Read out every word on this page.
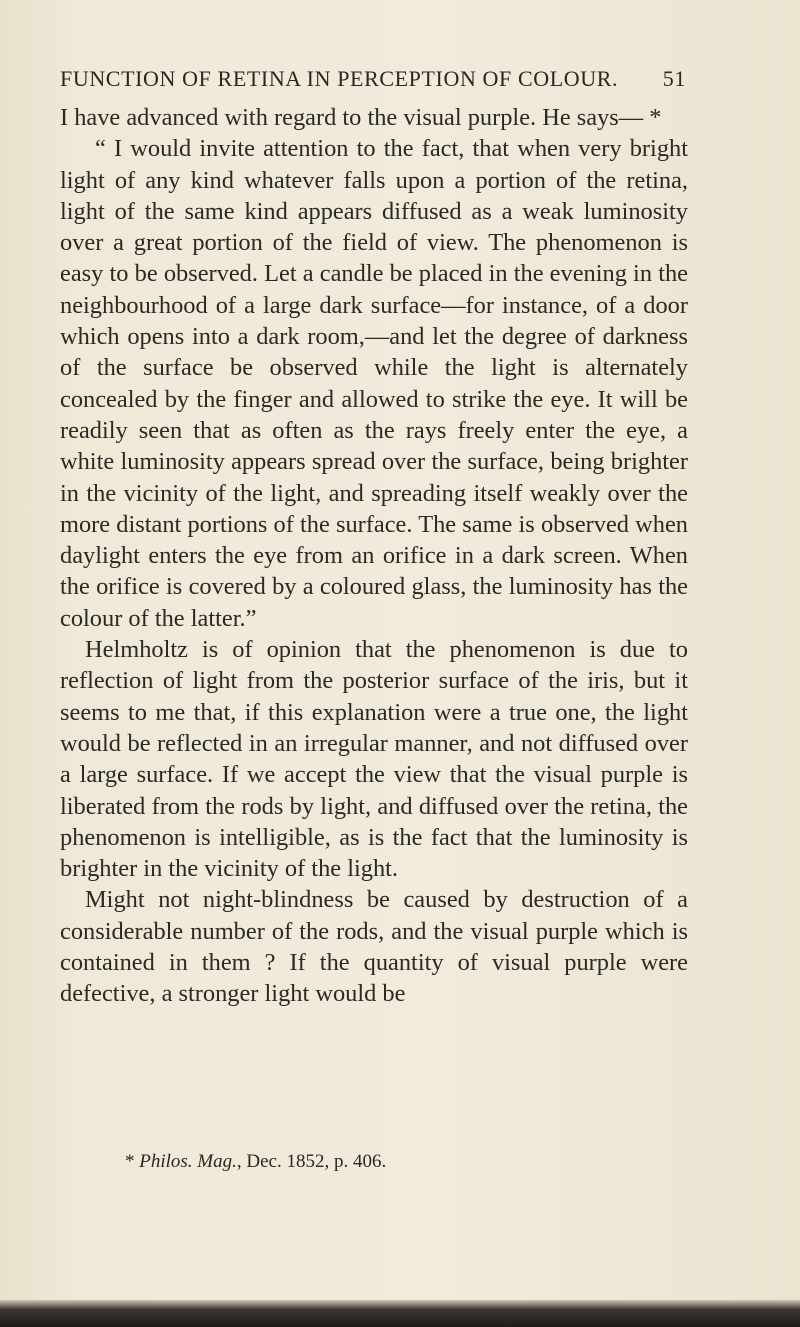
FUNCTION OF RETINA IN PERCEPTION OF COLOUR. 51

I have advanced with regard to the visual purple. He says— *

“ I would invite attention to the fact, that when very bright light of any kind whatever falls upon a portion of the retina, light of the same kind appears diffused as a weak luminosity over a great portion of the field of view. The phenomenon is easy to be observed. Let a candle be placed in the evening in the neighbourhood of a large dark surface—for instance, of a door which opens into a dark room,—and let the degree of darkness of the surface be observed while the light is alternately concealed by the finger and allowed to strike the eye. It will be readily seen that as often as the rays freely enter the eye, a white luminosity appears spread over the surface, being brighter in the vicinity of the light, and spreading itself weakly over the more distant portions of the surface. The same is observed when daylight enters the eye from an orifice in a dark screen. When the orifice is covered by a coloured glass, the luminosity has the colour of the latter.”

Helmholtz is of opinion that the phenomenon is due to reflection of light from the posterior surface of the iris, but it seems to me that, if this explanation were a true one, the light would be reflected in an irregular manner, and not diffused over a large surface. If we accept the view that the visual purple is liberated from the rods by light, and diffused over the retina, the phenomenon is intelligible, as is the fact that the luminosity is brighter in the vicinity of the light.

Might not night-blindness be caused by destruction of a considerable number of the rods, and the visual purple which is contained in them ? If the quantity of visual purple were defective, a stronger light would be

* Philos. Mag., Dec. 1852, p. 406.
